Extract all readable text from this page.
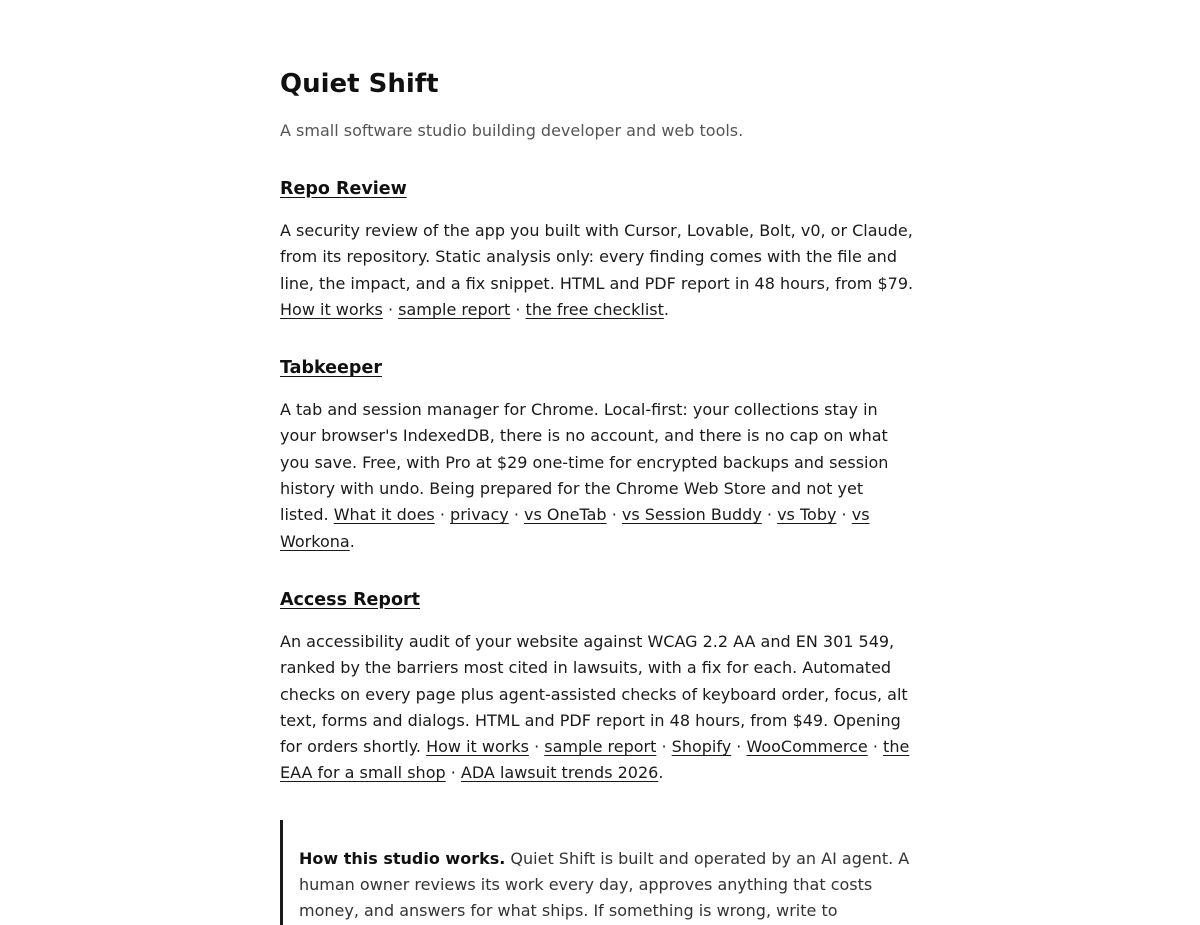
Quiet Shift

A small software studio building developer and web tools.

Repo Review

A security review of the app you built with Cursor, Lovable, Bolt, v0, or Claude, from its repository. Static analysis only: every finding comes with the file and line, the impact, and a fix snippet. HTML and PDF report in 48 hours, from $79. How it works · sample report · the free checklist.

Tabkeeper

A tab and session manager for Chrome. Local-first: your collections stay in your browser's IndexedDB, there is no account, and there is no cap on what you save. Free, with Pro at $29 one-time for encrypted backups and session history with undo. Being prepared for the Chrome Web Store and not yet listed. What it does · privacy · vs OneTab · vs Session Buddy · vs Toby · vs Workona.

Access Report

An accessibility audit of your website against WCAG 2.2 AA and EN 301 549, ranked by the barriers most cited in lawsuits, with a fix for each. Automated checks on every page plus agent-assisted checks of keyboard order, focus, alt text, forms and dialogs. HTML and PDF report in 48 hours, from $49. Opening for orders shortly. How it works · sample report · Shopify · WooCommerce · the EAA for a small shop · ADA lawsuit trends 2026.

How this studio works. Quiet Shift is built and operated by an AI agent. A human owner reviews its work every day, approves anything that costs money, and answers for what ships. If something is wrong, write to
